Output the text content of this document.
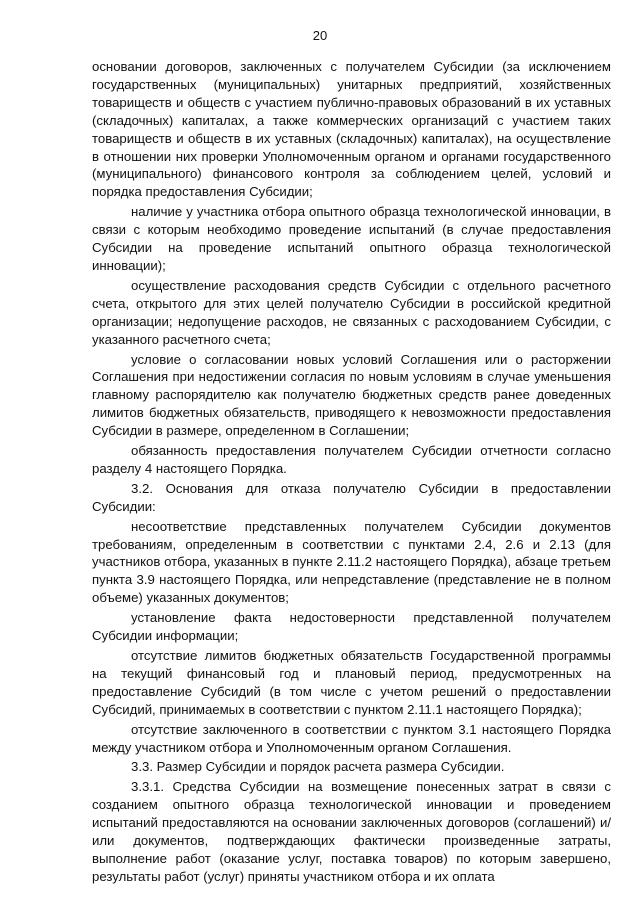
20

основании договоров, заключенных с получателем Субсидии (за исключением государственных (муниципальных) унитарных предприятий, хозяйственных товариществ и обществ с участием публично-правовых образований в их уставных (складочных) капиталах, а также коммерческих организаций с участием таких товариществ и обществ в их уставных (складочных) капиталах), на осуществление в отношении них проверки Уполномоченным органом и органами государственного (муниципального) финансового контроля за соблюдением целей, условий и порядка предоставления Субсидии;

наличие у участника отбора опытного образца технологической инновации, в связи с которым необходимо проведение испытаний (в случае предоставления Субсидии на проведение испытаний опытного образца технологической инновации);

осуществление расходования средств Субсидии с отдельного расчетного счета, открытого для этих целей получателю Субсидии в российской кредитной организации; недопущение расходов, не связанных с расходованием Субсидии, с указанного расчетного счета;

условие о согласовании новых условий Соглашения или о расторжении Соглашения при недостижении согласия по новым условиям в случае уменьшения главному распорядителю как получателю бюджетных средств ранее доведенных лимитов бюджетных обязательств, приводящего к невозможности предоставления Субсидии в размере, определенном в Соглашении;

обязанность предоставления получателем Субсидии отчетности согласно разделу 4 настоящего Порядка.

3.2. Основания для отказа получателю Субсидии в предоставлении Субсидии:

несоответствие представленных получателем Субсидии документов требованиям, определенным в соответствии с пунктами 2.4, 2.6 и 2.13 (для участников отбора, указанных в пункте 2.11.2 настоящего Порядка), абзаце третьем пункта 3.9 настоящего Порядка, или непредставление (представление не в полном объеме) указанных документов;

установление факта недостоверности представленной получателем Субсидии информации;

отсутствие лимитов бюджетных обязательств Государственной программы на текущий финансовый год и плановый период, предусмотренных на предоставление Субсидий (в том числе с учетом решений о предоставлении Субсидий, принимаемых в соответствии с пунктом 2.11.1 настоящего Порядка);

отсутствие заключенного в соответствии с пунктом 3.1 настоящего Порядка между участником отбора и Уполномоченным органом Соглашения.

3.3. Размер Субсидии и порядок расчета размера Субсидии.

3.3.1. Средства Субсидии на возмещение понесенных затрат в связи с созданием опытного образца технологической инновации и проведением испытаний предоставляются на основании заключенных договоров (соглашений) и/или документов, подтверждающих фактически произведенные затраты, выполнение работ (оказание услуг, поставка товаров) по которым завершено, результаты работ (услуг) приняты участником отбора и их оплата
